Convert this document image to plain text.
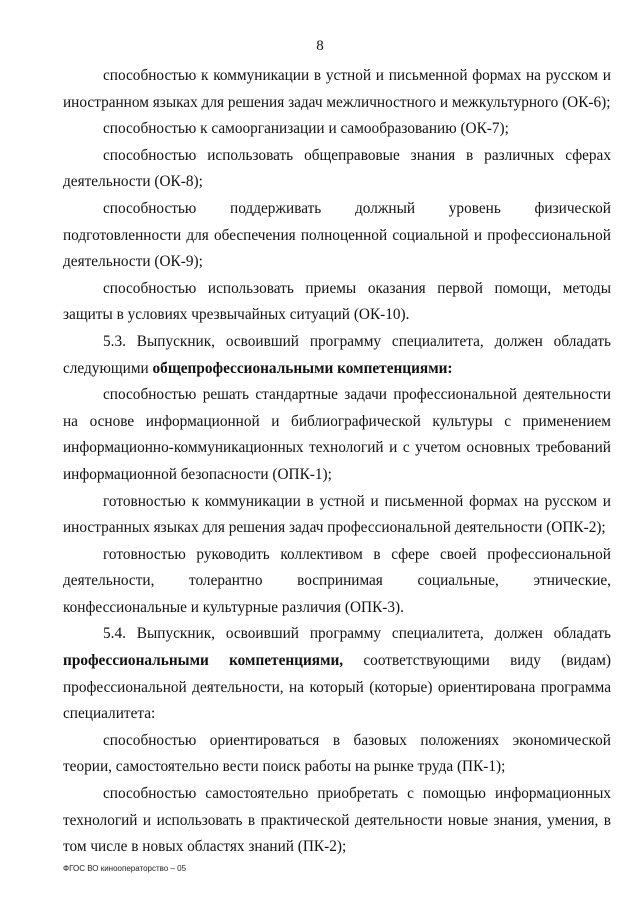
8

способностью к коммуникации в устной и письменной формах на русском и иностранном языках для решения задач межличностного и межкультурного (ОК-6);

способностью к самоорганизации и самообразованию (ОК-7);

способностью использовать общеправовые знания в различных сферах деятельности (ОК-8);

способностью поддерживать должный уровень физической подготовленности для обеспечения полноценной социальной и профессиональной деятельности (ОК-9);

способностью использовать приемы оказания первой помощи, методы защиты в условиях чрезвычайных ситуаций (ОК-10).

5.3. Выпускник, освоивший программу специалитета, должен обладать следующими общепрофессиональными компетенциями:

способностью решать стандартные задачи профессиональной деятельности на основе информационной и библиографической культуры с применением информационно-коммуникационных технологий и с учетом основных требований информационной безопасности (ОПК-1);

готовностью к коммуникации в устной и письменной формах на русском и иностранных языках для решения задач профессиональной деятельности (ОПК-2);

готовностью руководить коллективом в сфере своей профессиональной деятельности, толерантно воспринимая социальные, этнические, конфессиональные и культурные различия (ОПК-3).

5.4. Выпускник, освоивший программу специалитета, должен обладать профессиональными компетенциями, соответствующими виду (видам) профессиональной деятельности, на который (которые) ориентирована программа специалитета:

способностью ориентироваться в базовых положениях экономической теории, самостоятельно вести поиск работы на рынке труда (ПК-1);

способностью самостоятельно приобретать с помощью информационных технологий и использовать в практической деятельности новые знания, умения, в том числе в новых областях знаний (ПК-2);

ФГОС ВО кинооператорство – 05
